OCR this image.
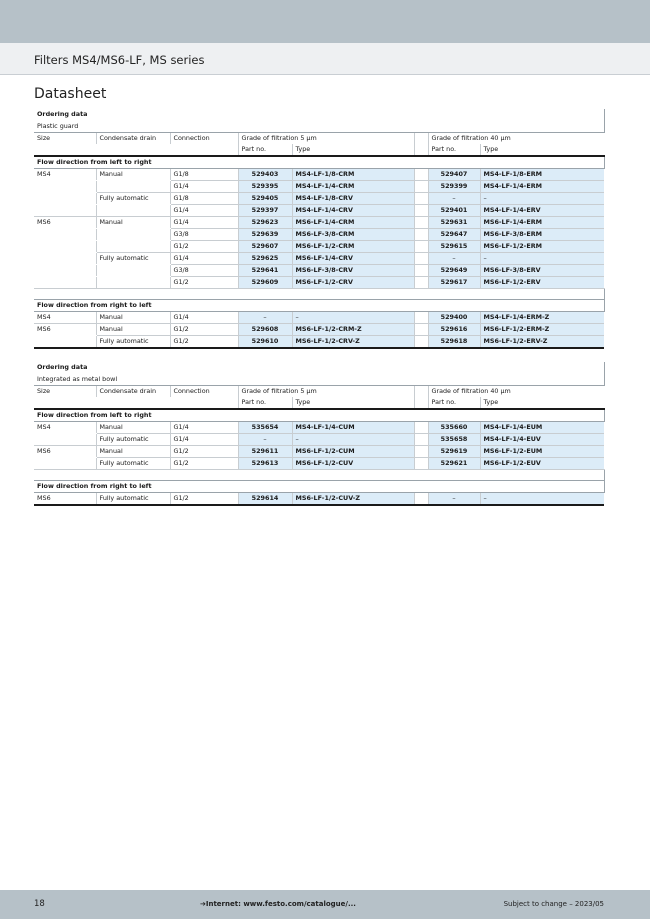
Filters MS4/MS6-LF, MS series
Datasheet
Ordering data							
Plastic guard							
Size	Condensate drain	Connection	Grade of filtration 5 µm			Grade of filtration 40 µm	
			Part no.	Type		Part no.	Type
Flow direction from left to right							
MS4	Manual	G1/8	529403	MS4-LF-1/8-CRM		529407	MS4-LF-1/8-ERM
		G1/4	529395	MS4-LF-1/4-CRM		529399	MS4-LF-1/4-ERM
	Fully automatic	G1/8	529405	MS4-LF-1/8-CRV		–	–
		G1/4	529397	MS4-LF-1/4-CRV		529401	MS4-LF-1/4-ERV
MS6	Manual	G1/4	529623	MS6-LF-1/4-CRM		529631	MS6-LF-1/4-ERM
		G3/8	529639	MS6-LF-3/8-CRM		529647	MS6-LF-3/8-ERM
		G1/2	529607	MS6-LF-1/2-CRM		529615	MS6-LF-1/2-ERM
	Fully automatic	G1/4	529625	MS6-LF-1/4-CRV		–	–
		G3/8	529641	MS6-LF-3/8-CRV		529649	MS6-LF-3/8-ERV
		G1/2	529609	MS6-LF-1/2-CRV		529617	MS6-LF-1/2-ERV

Flow direction from right to left							
MS4	Manual	G1/4	–	–		529400	MS4-LF-1/4-ERM-Z
MS6	Manual	G1/2	529608	MS6-LF-1/2-CRM-Z		529616	MS6-LF-1/2-ERM-Z
	Fully automatic	G1/2	529610	MS6-LF-1/2-CRV-Z		529618	MS6-LF-1/2-ERV-Z
Ordering data							
Integrated as metal bowl							
Size	Condensate drain	Connection	Grade of filtration 5 µm			Grade of filtration 40 µm	
			Part no.	Type		Part no.	Type
Flow direction from left to right							
MS4	Manual	G1/4	535654	MS4-LF-1/4-CUM		535660	MS4-LF-1/4-EUM
	Fully automatic	G1/4	–	–		535658	MS4-LF-1/4-EUV
MS6	Manual	G1/2	529611	MS6-LF-1/2-CUM		529619	MS6-LF-1/2-EUM
	Fully automatic	G1/2	529613	MS6-LF-1/2-CUV		529621	MS6-LF-1/2-EUV

Flow direction from right to left							
MS6	Fully automatic	G1/2	529614	MS6-LF-1/2-CUV-Z		–	–
18	➔Internet: www.festo.com/catalogue/...	Subject to change – 2023/05
